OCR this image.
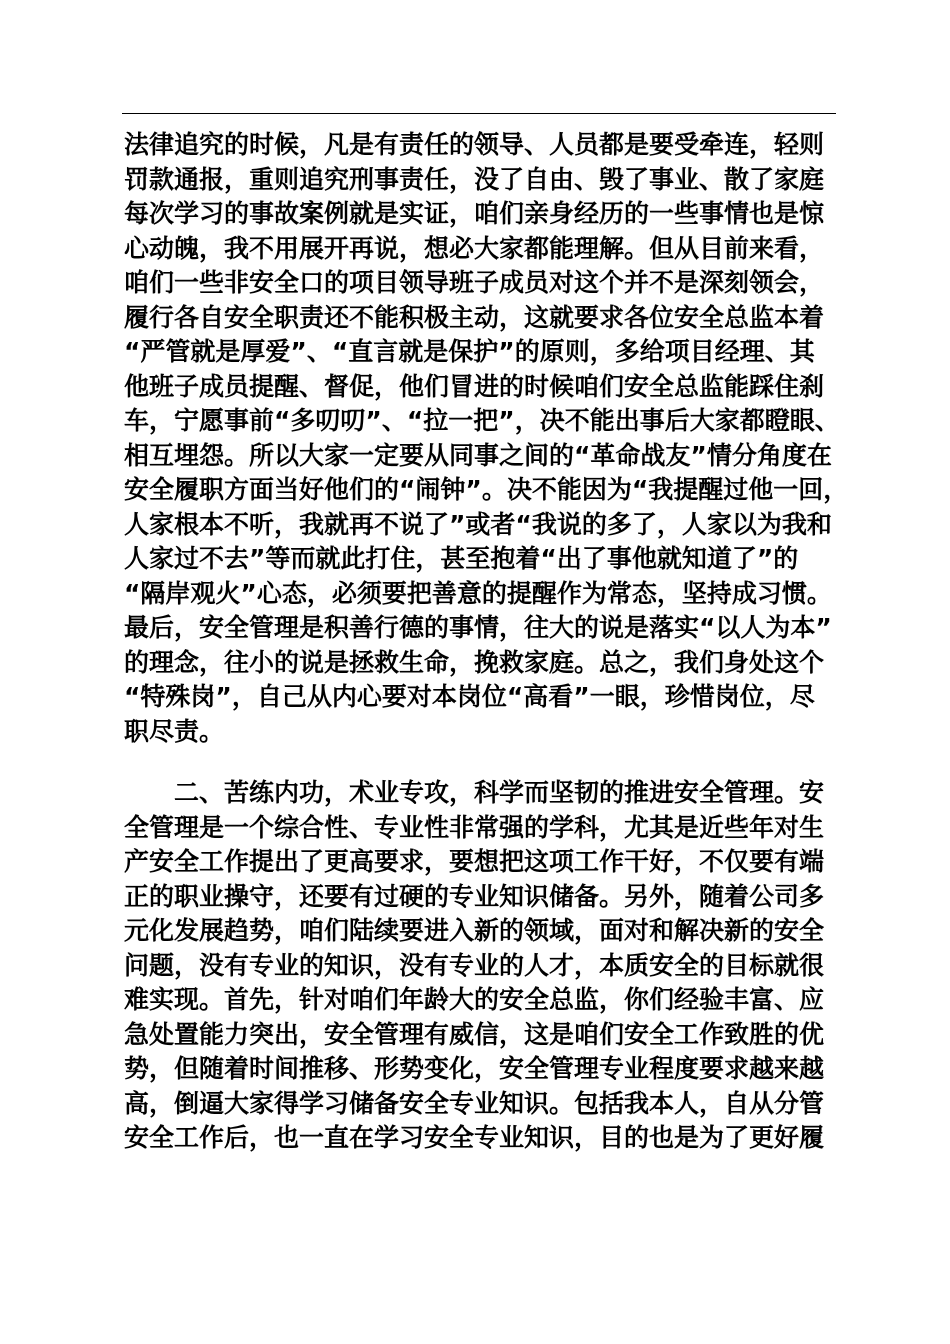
法律追究的时候，凡是有责任的领导、人员都是要受牵连，轻则
罚款通报，重则追究刑事责任，没了自由、毁了事业、散了家庭
每次学习的事故案例就是实证，咱们亲身经历的一些事情也是惊
心动魄，我不用展开再说，想必大家都能理解。但从目前来看，
咱们一些非安全口的项目领导班子成员对这个并不是深刻领会，
履行各自安全职责还不能积极主动，这就要求各位安全总监本着
“严管就是厚爱”、“直言就是保护”的原则，多给项目经理、其
他班子成员提醒、督促，他们冒进的时候咱们安全总监能踩住刹
车，宁愿事前“多叨叨”、“拉一把”，决不能出事后大家都瞪眼、
相互埋怨。所以大家一定要从同事之间的“革命战友”情分角度在
安全履职方面当好他们的“闹钟”。决不能因为“我提醒过他一回，
人家根本不听，我就再不说了”或者“我说的多了，人家以为我和
人家过不去”等而就此打住，甚至抱着“出了事他就知道了”的
“隔岸观火”心态，必须要把善意的提醒作为常态，坚持成习惯。
最后，安全管理是积善行德的事情，往大的说是落实“以人为本”
的理念，往小的说是拯救生命，挽救家庭。总之，我们身处这个
“特殊岗”，自己从内心要对本岗位“高看”一眼，珍惜岗位，尽
职尽责。
　　二、苦练内功，术业专攻，科学而坚韧的推进安全管理。安
全管理是一个综合性、专业性非常强的学科，尤其是近些年对生
产安全工作提出了更高要求，要想把这项工作干好，不仅要有端
正的职业操守，还要有过硬的专业知识储备。另外，随着公司多
元化发展趋势，咱们陆续要进入新的领域，面对和解决新的安全
问题，没有专业的知识，没有专业的人才，本质安全的目标就很
难实现。首先，针对咱们年龄大的安全总监，你们经验丰富、应
急处置能力突出，安全管理有威信，这是咱们安全工作致胜的优
势，但随着时间推移、形势变化，安全管理专业程度要求越来越
高，倒逼大家得学习储备安全专业知识。包括我本人，自从分管
安全工作后，也一直在学习安全专业知识，目的也是为了更好履
